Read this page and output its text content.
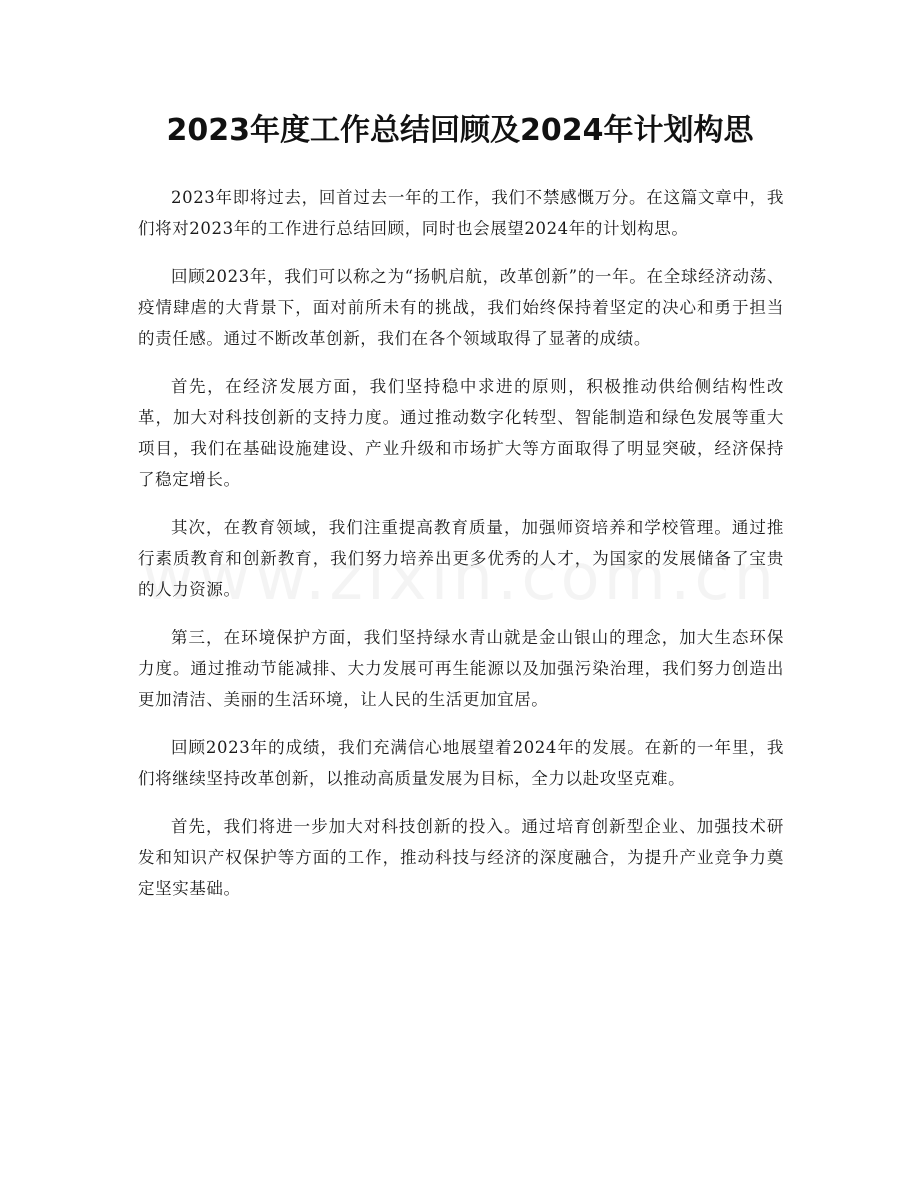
2023年度工作总结回顾及2024年计划构思

2023年即将过去，回首过去一年的工作，我们不禁感慨万分。在这篇文章中，我们将对2023年的工作进行总结回顾，同时也会展望2024年的计划构思。

回顾2023年，我们可以称之为“扬帆启航，改革创新”的一年。在全球经济动荡、疫情肆虐的大背景下，面对前所未有的挑战，我们始终保持着坚定的决心和勇于担当的责任感。通过不断改革创新，我们在各个领域取得了显著的成绩。

首先，在经济发展方面，我们坚持稳中求进的原则，积极推动供给侧结构性改革，加大对科技创新的支持力度。通过推动数字化转型、智能制造和绿色发展等重大项目，我们在基础设施建设、产业升级和市场扩大等方面取得了明显突破，经济保持了稳定增长。

其次，在教育领域，我们注重提高教育质量，加强师资培养和学校管理。通过推行素质教育和创新教育，我们努力培养出更多优秀的人才，为国家的发展储备了宝贵的人力资源。

第三，在环境保护方面，我们坚持绿水青山就是金山银山的理念，加大生态环保力度。通过推动节能减排、大力发展可再生能源以及加强污染治理，我们努力创造出更加清洁、美丽的生活环境，让人民的生活更加宜居。

回顾2023年的成绩，我们充满信心地展望着2024年的发展。在新的一年里，我们将继续坚持改革创新，以推动高质量发展为目标，全力以赴攻坚克难。

首先，我们将进一步加大对科技创新的投入。通过培育创新型企业、加强技术研发和知识产权保护等方面的工作，推动科技与经济的深度融合，为提升产业竞争力奠定坚实基础。
